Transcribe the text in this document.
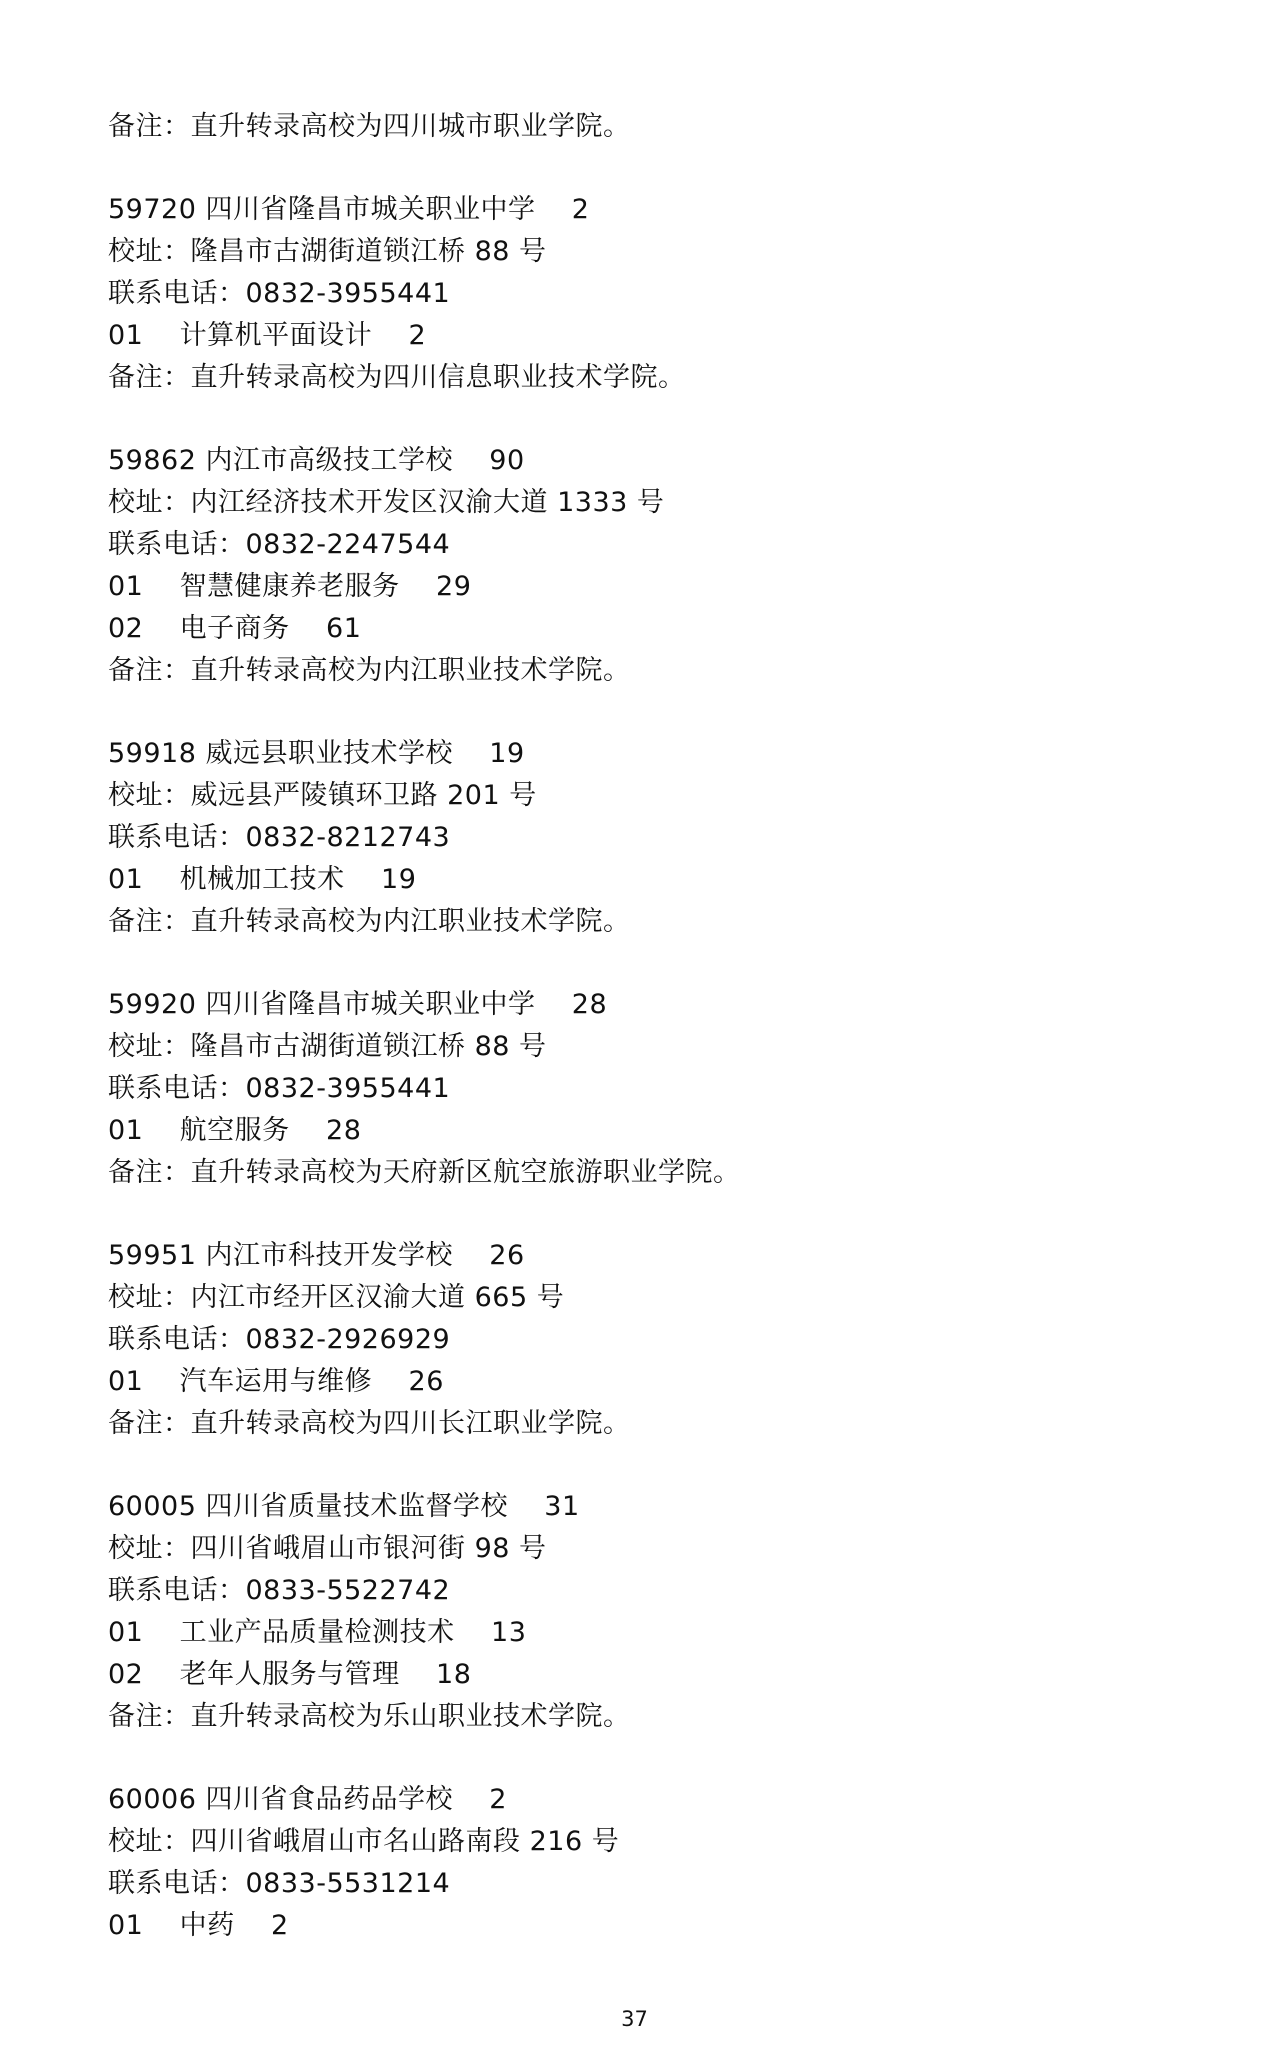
备注：直升转录高校为四川城市职业学院。
59720 四川省隆昌市城关职业中学    2
校址：隆昌市古湖街道锁江桥 88 号
联系电话：0832-3955441
01    计算机平面设计    2
备注：直升转录高校为四川信息职业技术学院。
59862 内江市高级技工学校    90
校址：内江经济技术开发区汉渝大道 1333 号
联系电话：0832-2247544
01    智慧健康养老服务    29
02    电子商务    61
备注：直升转录高校为内江职业技术学院。
59918 威远县职业技术学校    19
校址：威远县严陵镇环卫路 201 号
联系电话：0832-8212743
01    机械加工技术    19
备注：直升转录高校为内江职业技术学院。
59920 四川省隆昌市城关职业中学    28
校址：隆昌市古湖街道锁江桥 88 号
联系电话：0832-3955441
01    航空服务    28
备注：直升转录高校为天府新区航空旅游职业学院。
59951 内江市科技开发学校    26
校址：内江市经开区汉渝大道 665 号
联系电话：0832-2926929
01    汽车运用与维修    26
备注：直升转录高校为四川长江职业学院。
60005 四川省质量技术监督学校    31
校址：四川省峨眉山市银河街 98 号
联系电话：0833-5522742
01    工业产品质量检测技术    13
02    老年人服务与管理    18
备注：直升转录高校为乐山职业技术学院。
60006 四川省食品药品学校    2
校址：四川省峨眉山市名山路南段 216 号
联系电话：0833-5531214
01    中药    2
37
